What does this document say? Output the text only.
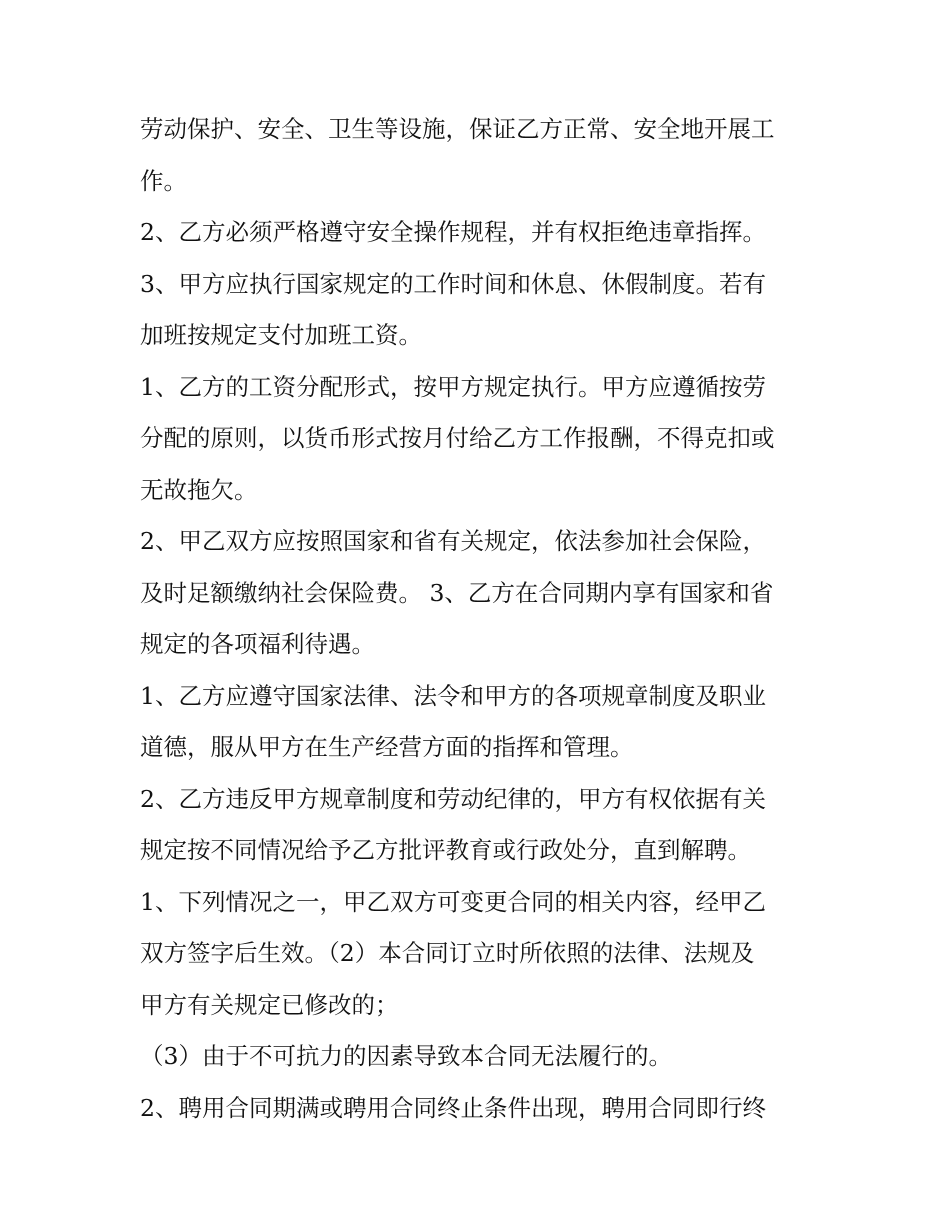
劳动保护、安全、卫生等设施，保证乙方正常、安全地开展工
作。
2、乙方必须严格遵守安全操作规程，并有权拒绝违章指挥。
3、甲方应执行国家规定的工作时间和休息、休假制度。若有
加班按规定支付加班工资。
1、乙方的工资分配形式，按甲方规定执行。甲方应遵循按劳
分配的原则，以货币形式按月付给乙方工作报酬，不得克扣或
无故拖欠。
2、甲乙双方应按照国家和省有关规定，依法参加社会保险，
及时足额缴纳社会保险费。 3、乙方在合同期内享有国家和省
规定的各项福利待遇。
1、乙方应遵守国家法律、法令和甲方的各项规章制度及职业
道德，服从甲方在生产经营方面的指挥和管理。
2、乙方违反甲方规章制度和劳动纪律的，甲方有权依据有关
规定按不同情况给予乙方批评教育或行政处分，直到解聘。
1、下列情况之一，甲乙双方可变更合同的相关内容，经甲乙
双方签字后生效。（2）本合同订立时所依照的法律、法规及
甲方有关规定已修改的；
（3）由于不可抗力的因素导致本合同无法履行的。
2、聘用合同期满或聘用合同终止条件出现，聘用合同即行终
